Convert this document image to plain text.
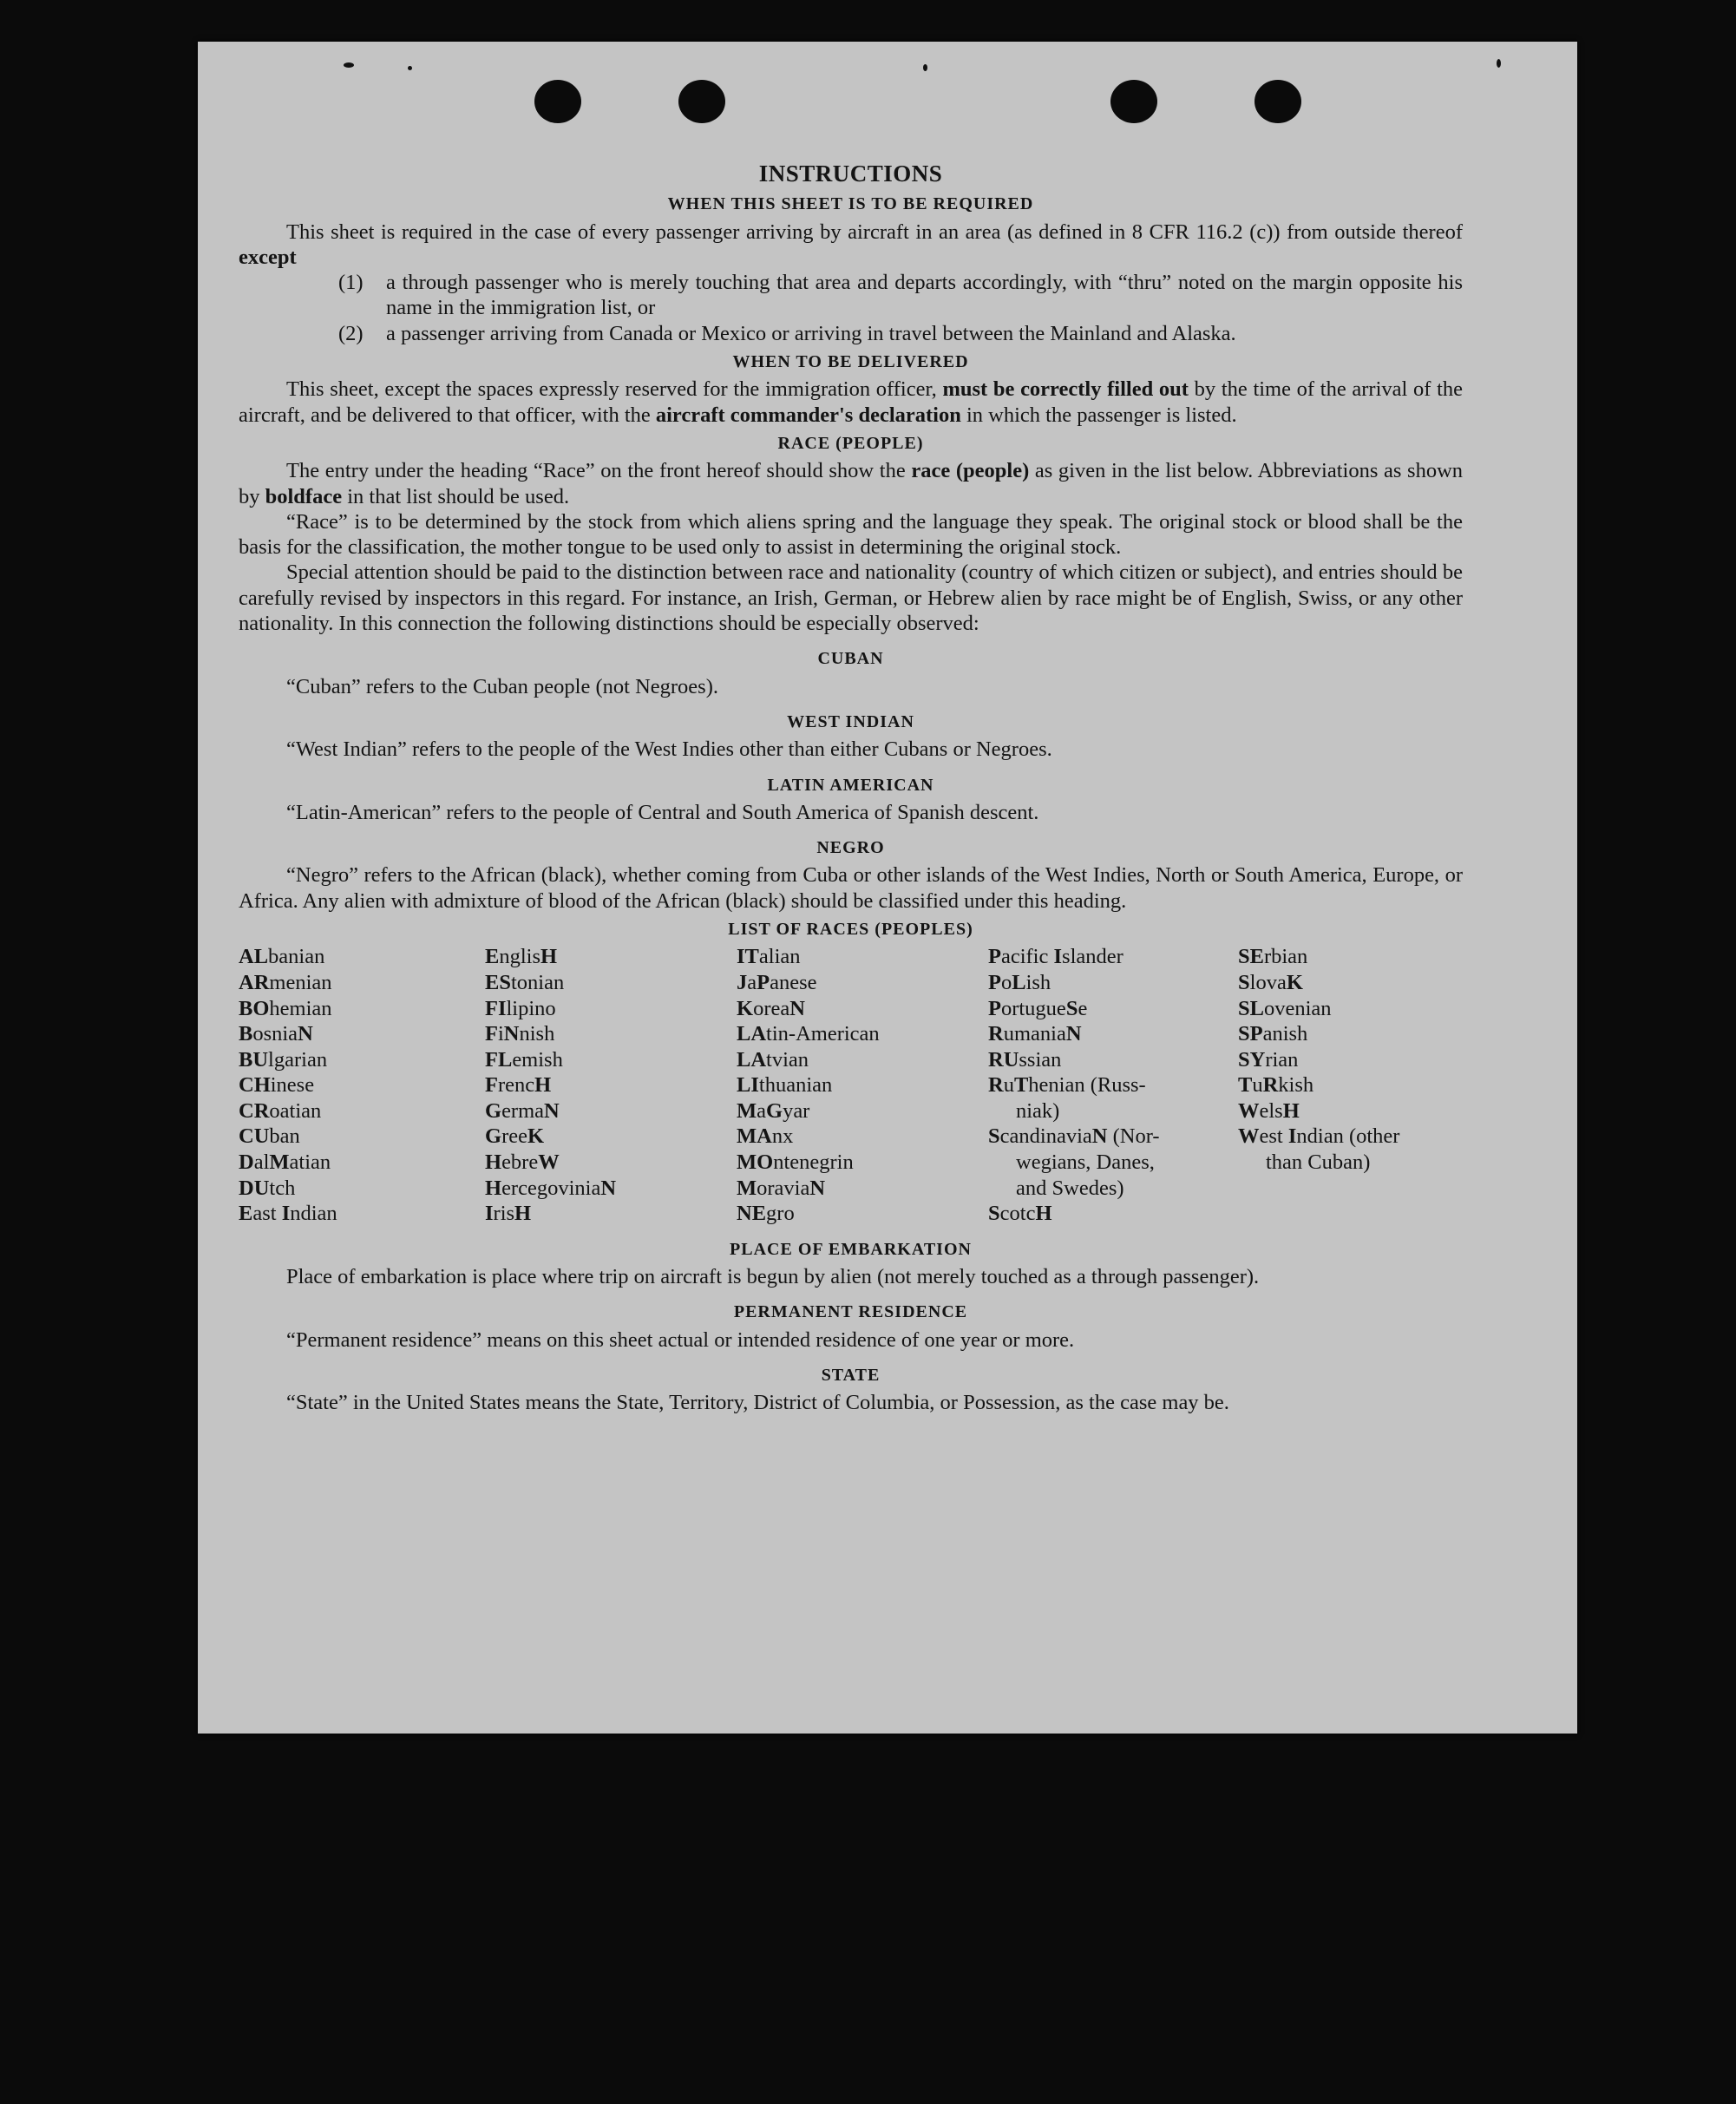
INSTRUCTIONS
WHEN THIS SHEET IS TO BE REQUIRED

This sheet is required in the case of every passenger arriving by aircraft in an area (as defined in 8 CFR 116.2 (c)) from outside thereof except

(1)	a through passenger who is merely touching that area and departs accordingly, with “thru” noted on the margin opposite his name in the immigration list, or
(2)	a passenger arriving from Canada or Mexico or arriving in travel between the Mainland and Alaska.
WHEN TO BE DELIVERED

This sheet, except the spaces expressly reserved for the immigration officer, must be correctly filled out by the time of the arrival of the aircraft, and be delivered to that officer, with the aircraft commander's declaration in which the passenger is listed.

RACE (PEOPLE)

The entry under the heading “Race” on the front hereof should show the race (people) as given in the list below. Abbreviations as shown by boldface in that list should be used.

“Race” is to be determined by the stock from which aliens spring and the language they speak. The original stock or blood shall be the basis for the classification, the mother tongue to be used only to assist in determining the original stock.

Special attention should be paid to the distinction between race and nationality (country of which citizen or subject), and entries should be carefully revised by inspectors in this regard. For instance, an Irish, German, or Hebrew alien by race might be of English, Swiss, or any other nationality. In this connection the following distinctions should be especially observed:

CUBAN

“Cuban” refers to the Cuban people (not Negroes).

WEST INDIAN

“West Indian” refers to the people of the West Indies other than either Cubans or Negroes.

LATIN AMERICAN

“Latin-American” refers to the people of Central and South America of Spanish descent.

NEGRO

“Negro” refers to the African (black), whether coming from Cuba or other islands of the West Indies, North or South America, Europe, or Africa. Any alien with admixture of blood of the African (black) should be classified under this heading.

LIST OF RACES (PEOPLES)
ALbanian
ARmenian
BOhemian
BosniaN
BUlgarian
CHinese
CRoatian
CUban
DalMatian
DUtch
East Indian
EnglisH
EStonian
FIlipino
FiNnish
FLemish
FrencH
GermaN
GreeK
HebreW
HercegoviniaN
IrisH
ITalian
JaPanese
KoreaN
LAtin-American
LAtvian
LIthuanian
MaGyar
MAnx
MOntenegrin
MoraviaN
NEgro
Pacific Islander
PoLish
PortugueSe
RumaniaN
RUssian
RuThenian (Russ-
niak)
ScandinaviaN (Nor-
wegians, Danes,
and Swedes)
ScotcH
SErbian
SlovaK
SLovenian
SPanish
SYrian
TuRkish
WelsH
West Indian (other
than Cuban)
PLACE OF EMBARKATION

Place of embarkation is place where trip on aircraft is begun by alien (not merely touched as a through passenger).

PERMANENT RESIDENCE

“Permanent residence” means on this sheet actual or intended residence of one year or more.

STATE

“State” in the United States means the State, Territory, District of Columbia, or Possession, as the case may be.
